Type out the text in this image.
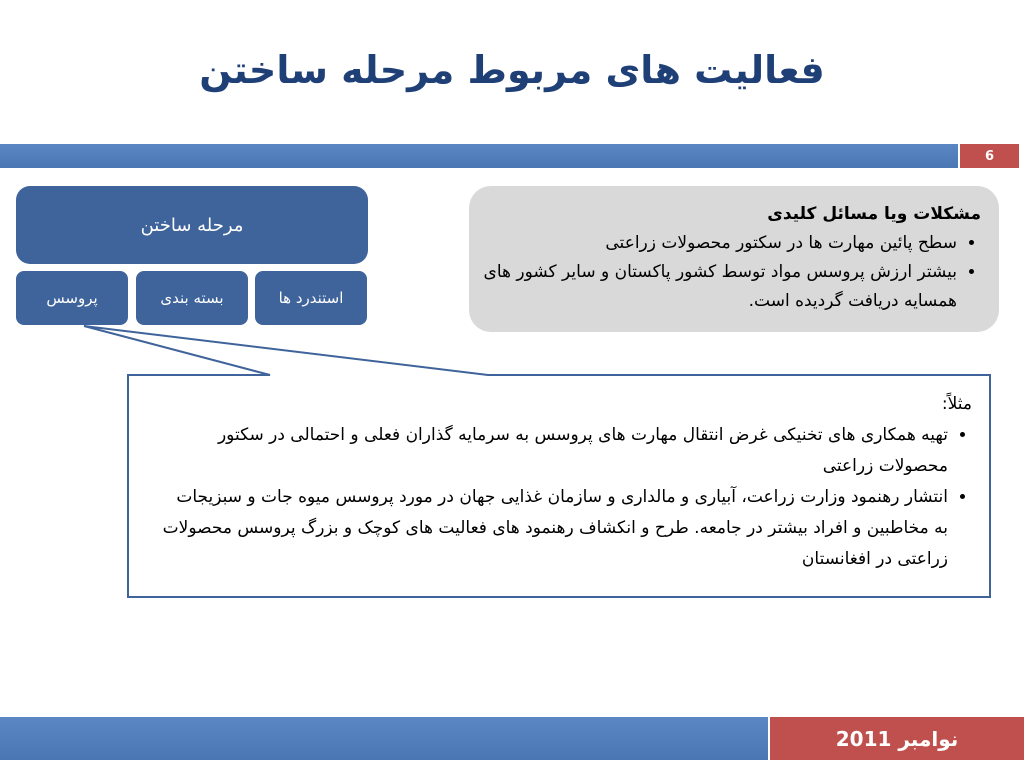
فعالیت های مربوط مرحله ساختن
6
مرحله ساختن
استندرد ها
بسته بندی
پروسس
مشکلات ویا مسائل کلیدی
• سطح پائین مهارت ها در سکتور محصولات زراعتی
• بیشتر ارزش پروسس مواد توسط کشور پاکستان و سایر کشور های همسایه دریافت گردیده است.
مثلاً:
• تهیه همکاری های تخنیکی غرض انتقال مهارت های پروسس به سرمایه گذاران فعلی و احتمالی در سکتور محصولات زراعتی
• انتشار رهنمود وزارت زراعت، آبیاری و مالداری و سازمان غذایی جهان در مورد پروسس میوه جات و سبزیجات به مخاطبین و افراد بیشتر در جامعه. طرح و انکشاف رهنمود های فعالیت های کوچک و بزرگ پروسس محصولات زراعتی در افغانستان
نوامبر 2011
